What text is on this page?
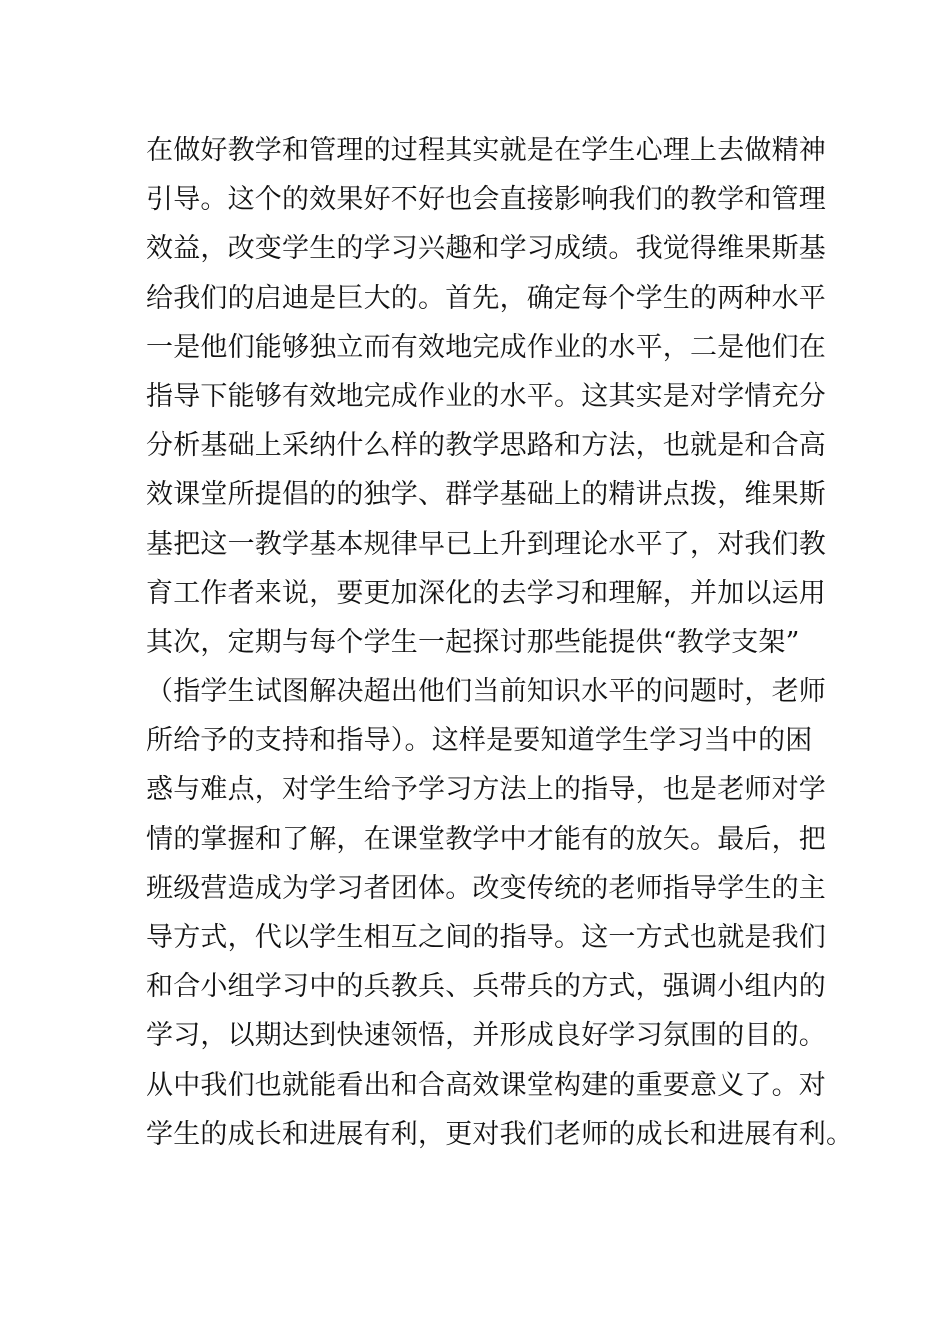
在做好教学和管理的过程其实就是在学生心理上去做精神
引导。这个的效果好不好也会直接影响我们的教学和管理
效益，改变学生的学习兴趣和学习成绩。我觉得维果斯基
给我们的启迪是巨大的。首先，确定每个学生的两种水平
一是他们能够独立而有效地完成作业的水平，二是他们在
指导下能够有效地完成作业的水平。这其实是对学情充分
分析基础上采纳什么样的教学思路和方法，也就是和合高
效课堂所提倡的的独学、群学基础上的精讲点拨，维果斯
基把这一教学基本规律早已上升到理论水平了，对我们教
育工作者来说，要更加深化的去学习和理解，并加以运用
其次，定期与每个学生一起探讨那些能提供“教学支架”
（指学生试图解决超出他们当前知识水平的问题时，老师
所给予的支持和指导）。这样是要知道学生学习当中的困
惑与难点，对学生给予学习方法上的指导，也是老师对学
情的掌握和了解，在课堂教学中才能有的放矢。最后，把
班级营造成为学习者团体。改变传统的老师指导学生的主
导方式，代以学生相互之间的指导。这一方式也就是我们
和合小组学习中的兵教兵、兵带兵的方式，强调小组内的
学习，以期达到快速领悟，并形成良好学习氛围的目的。
从中我们也就能看出和合高效课堂构建的重要意义了。对
学生的成长和进展有利，更对我们老师的成长和进展有利。
